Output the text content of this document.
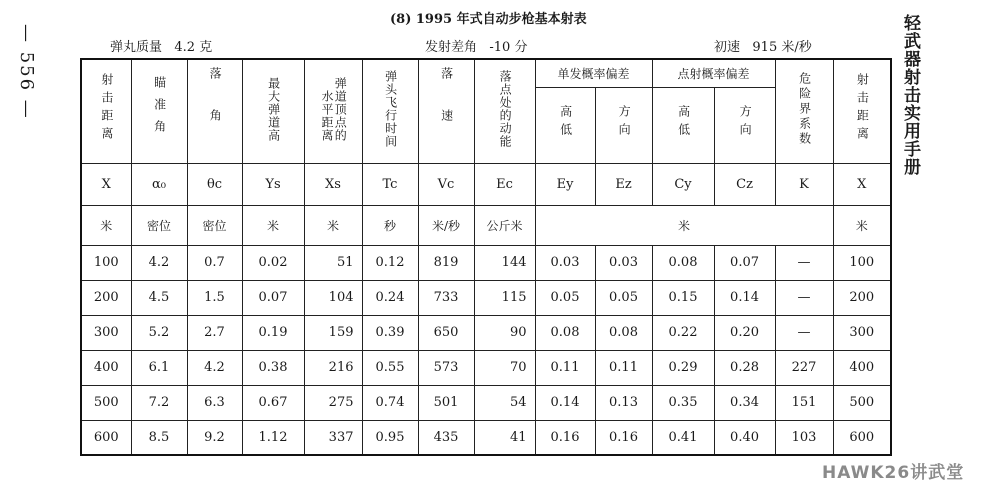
— 556 —	轻武器射击实用手册
(8) 1995 年式自动步枪基本射表
弹丸质量   4.2 克	发射差角   -10 分	初速   915 米/秒
射击距离	瞄准角	落角	最大弹道高	水平距离弹道顶点的	弹头飞行时间	落速	落点处的动能	单发概率偏差		点射概率偏差		危险界系数	射击距离
								高低	方向	高低	方向		
X	α₀	θc	Ys	Xs	Tc	Vc	Ec	Ey	Ez	Cy	Cz	K	X
米	密位	密位	米	米	秒	米/秒	公斤米	米					米
100	4.2	0.7	0.02	51	0.12	819	144	0.03	0.03	0.08	0.07	—	100
200	4.5	1.5	0.07	104	0.24	733	115	0.05	0.05	0.15	0.14	—	200
300	5.2	2.7	0.19	159	0.39	650	90	0.08	0.08	0.22	0.20	—	300
400	6.1	4.2	0.38	216	0.55	573	70	0.11	0.11	0.29	0.28	227	400
500	7.2	6.3	0.67	275	0.74	501	54	0.14	0.13	0.35	0.34	151	500
600	8.5	9.2	1.12	337	0.95	435	41	0.16	0.16	0.41	0.40	103	600
HAWK26讲武堂
